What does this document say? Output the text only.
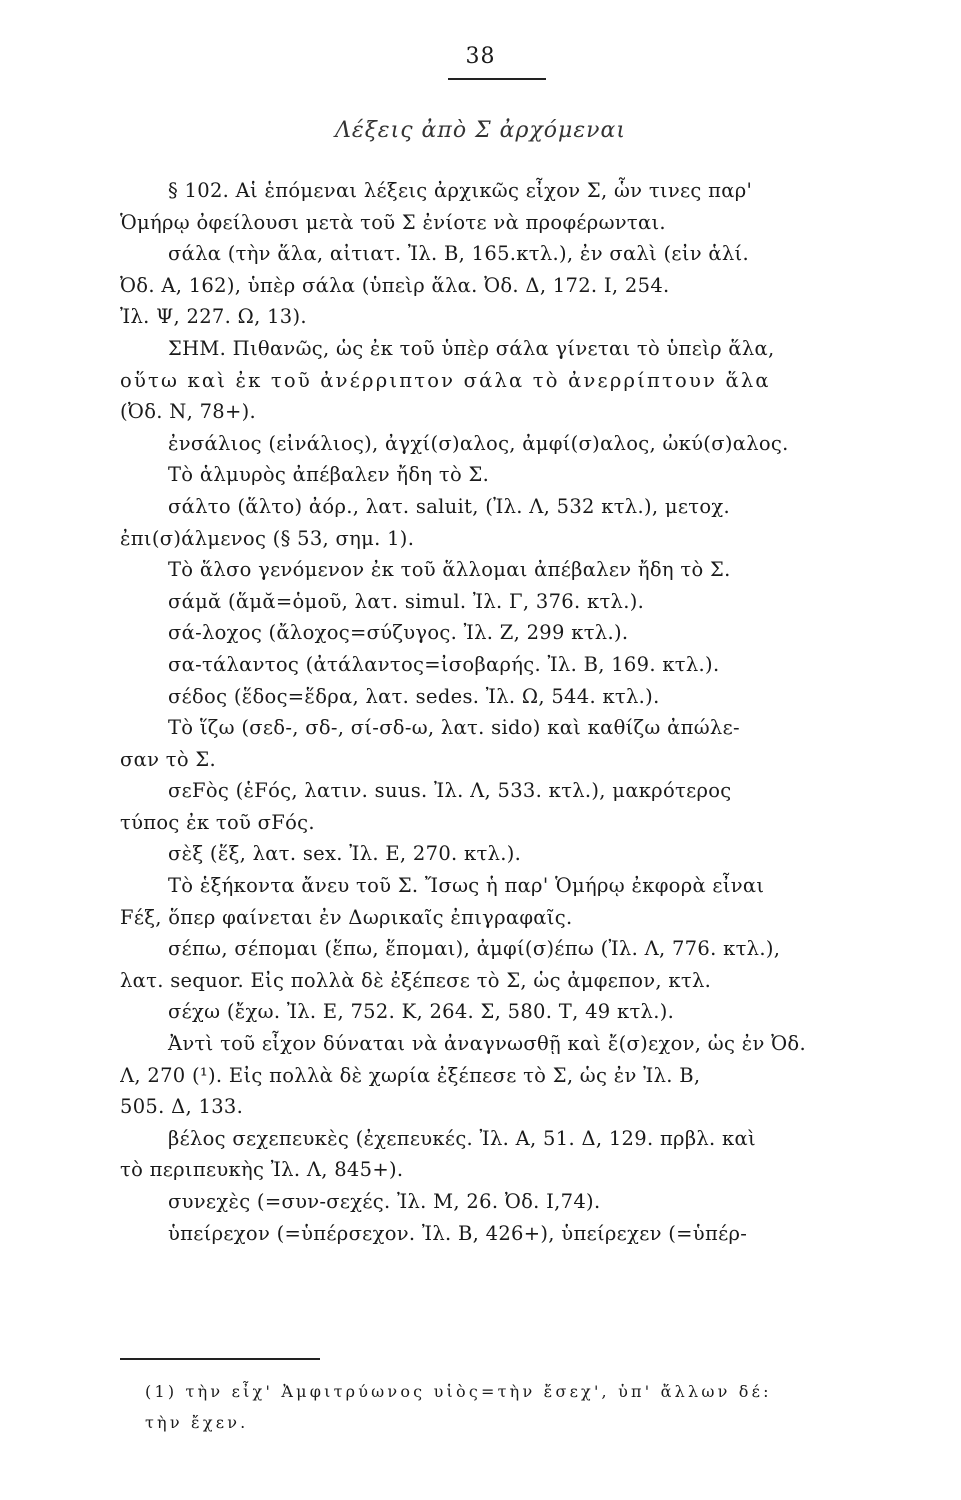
38
Λέξεις ἀπὸ Σ ἀρχόμεναι
§ 102. Αἱ ἑπόμεναι λέξεις ἀρχικῶς εἶχον Σ, ὧν τινες παρ'
Ὁμήρῳ ὀφείλουσι μετὰ τοῦ Σ ἐνίοτε νὰ προφέρωνται.
σάλα (τὴν ἅλα, αἰτιατ. Ἰλ. Β, 165.κτλ.), ἐν σαλὶ (εἰν ἁλί.
Ὀδ. Α, 162), ὑπὲρ σάλα (ὑπεὶρ ἅλα. Ὀδ. Δ, 172. Ι, 254.
Ἰλ. Ψ, 227. Ω, 13).
ΣΗΜ. Πιθανῶς, ὡς ἐκ τοῦ ὑπὲρ σάλα γίνεται τὸ ὑπεὶρ ἅλα,
οὕτω καὶ ἐκ τοῦ ἀνέρριπτον σάλα τὸ ἀνερρίπτουν ἅλα
(Ὀδ. Ν, 78+).
ἐνσάλιος (εἰνάλιος), ἀγχί(σ)αλος, ἀμφί(σ)αλος, ὠκύ(σ)αλος.
Τὸ ἁλμυρὸς ἀπέβαλεν ἤδη τὸ Σ.
σάλτο (ἅλτο) ἀόρ., λατ. saluit, (Ἰλ. Λ, 532 κτλ.), μετοχ.
ἐπι(σ)άλμενος (§ 53, σημ. 1).
Τὸ ἅλσο γενόμενον ἐκ τοῦ ἅλλομαι ἀπέβαλεν ἤδη τὸ Σ.
σάμᾰ (ἅμᾰ=ὁμοῦ, λατ. simul. Ἰλ. Γ, 376. κτλ.).
σά-λοχος (ἄλοχος=σύζυγος. Ἰλ. Ζ, 299 κτλ.).
σα-τάλαντος (ἀτάλαντος=ἰσοβαρής. Ἰλ. Β, 169. κτλ.).
σέδος (ἕδος=ἕδρα, λατ. sedes. Ἰλ. Ω, 544. κτλ.).
Τὸ ἵζω (σεδ-, σδ-, σί-σδ-ω, λατ. sido) καὶ καθίζω ἀπώλε-
σαν τὸ Σ.
σεFὸς (ἑFός, λατιν. suus. Ἰλ. Λ, 533. κτλ.), μακρότερος
τύπος ἐκ τοῦ σFός.
σὲξ (ἕξ, λατ. sex. Ἰλ. Ε, 270. κτλ.).
Τὸ ἑξήκοντα ἄνευ τοῦ Σ. Ἴσως ἡ παρ' Ὁμήρῳ ἐκφορὰ εἶναι
Fέξ, ὅπερ φαίνεται ἐν Δωρικαῖς ἐπιγραφαῖς.
σέπω, σέπομαι (ἕπω, ἕπομαι), ἀμφί(σ)έπω (Ἰλ. Λ, 776. κτλ.),
λατ. sequor. Εἰς πολλὰ δὲ ἐξέπεσε τὸ Σ, ὡς ἀμφεπον, κτλ.
σέχω (ἔχω. Ἰλ. Ε, 752. Κ, 264. Σ, 580. Τ, 49 κτλ.).
Ἀντὶ τοῦ εἶχον δύναται νὰ ἀναγνωσθῇ καὶ ἔ(σ)εχον, ὡς ἐν Ὀδ.
Λ, 270 (¹). Εἰς πολλὰ δὲ χωρία ἐξέπεσε τὸ Σ, ὡς ἐν Ἰλ. Β,
505. Δ, 133.
βέλος σεχεπευκὲς (ἐχεπευκές. Ἰλ. Α, 51. Δ, 129. πρβλ. καὶ
τὸ περιπευκὴς Ἰλ. Λ, 845+).
συνεχὲς (=συν-σεχές. Ἰλ. Μ, 26. Ὀδ. Ι,74).
ὑπείρεχον (=ὑπέρσεχον. Ἰλ. Β, 426+), ὑπείρεχεν (=ὑπέρ-
(1) τὴν εἶχ' Ἀμφιτρύωνος υἱὸς=τὴν ἔσεχ', ὑπ' ἄλλων δέ:
τὴν ἔχεν.
